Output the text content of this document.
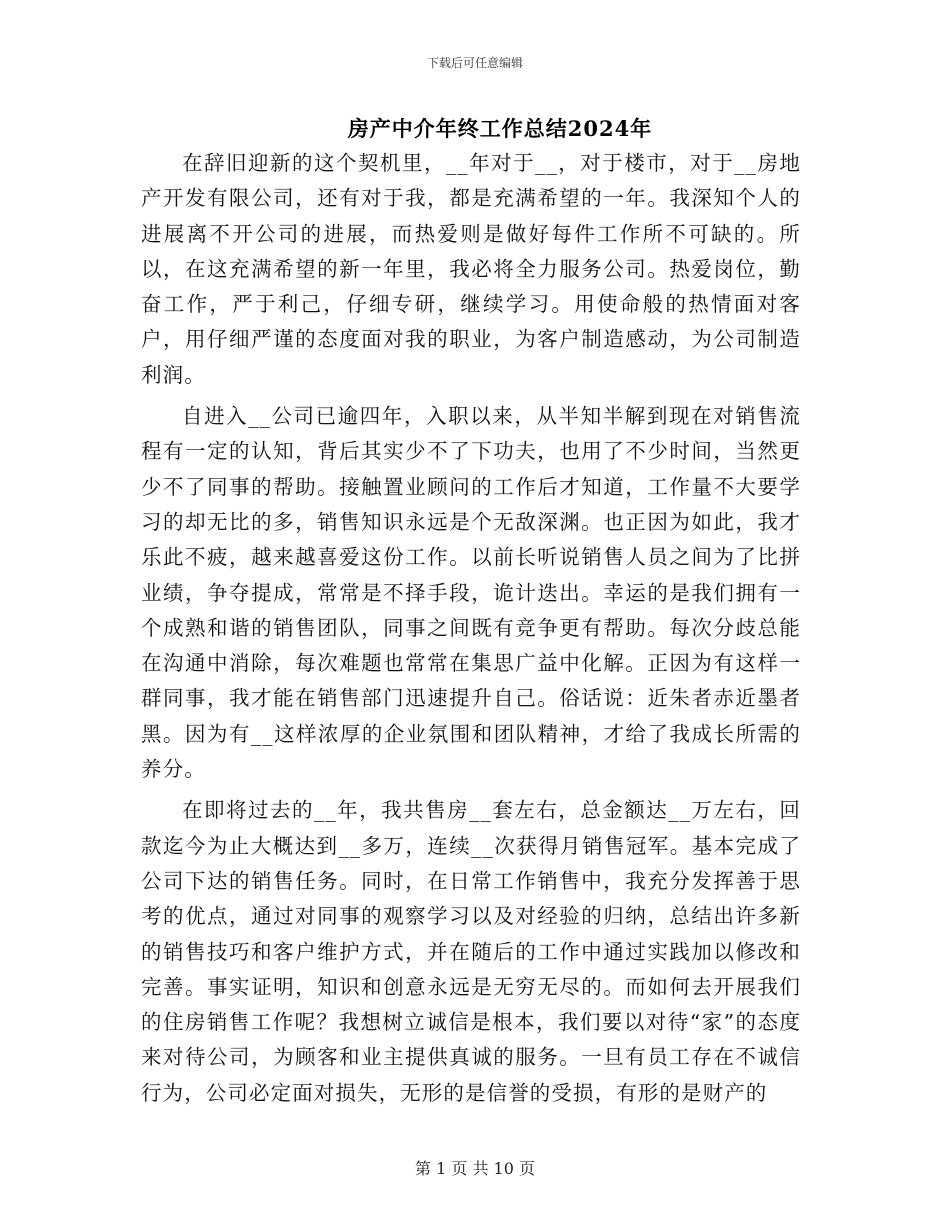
下载后可任意编辑
房产中介年终工作总结2024年

在辞旧迎新的这个契机里，__年对于__，对于楼市，对于__房地产开发有限公司，还有对于我，都是充满希望的一年。我深知个人的进展离不开公司的进展，而热爱则是做好每件工作所不可缺的。所以，在这充满希望的新一年里，我必将全力服务公司。热爱岗位，勤奋工作，严于利己，仔细专研，继续学习。用使命般的热情面对客户，用仔细严谨的态度面对我的职业，为客户制造感动，为公司制造利润。

自进入__公司已逾四年，入职以来，从半知半解到现在对销售流程有一定的认知，背后其实少不了下功夫，也用了不少时间，当然更少不了同事的帮助。接触置业顾问的工作后才知道，工作量不大要学习的却无比的多，销售知识永远是个无敌深渊。也正因为如此，我才乐此不疲，越来越喜爱这份工作。以前长听说销售人员之间为了比拼业绩，争夺提成，常常是不择手段，诡计迭出。幸运的是我们拥有一个成熟和谐的销售团队，同事之间既有竞争更有帮助。每次分歧总能在沟通中消除，每次难题也常常在集思广益中化解。正因为有这样一群同事，我才能在销售部门迅速提升自己。俗话说：近朱者赤近墨者黑。因为有__这样浓厚的企业氛围和团队精神，才给了我成长所需的养分。

在即将过去的__年，我共售房__套左右，总金额达__万左右，回款迄今为止大概达到__多万，连续__次获得月销售冠军。基本完成了公司下达的销售任务。同时，在日常工作销售中，我充分发挥善于思考的优点，通过对同事的观察学习以及对经验的归纳，总结出许多新的销售技巧和客户维护方式，并在随后的工作中通过实践加以修改和完善。事实证明，知识和创意永远是无穷无尽的。而如何去开展我们的住房销售工作呢？我想树立诚信是根本，我们要以对待“家”的态度来对待公司，为顾客和业主提供真诚的服务。一旦有员工存在不诚信行为，公司必定面对损失，无形的是信誉的受损，有形的是财产的

第 1 页 共 10 页
